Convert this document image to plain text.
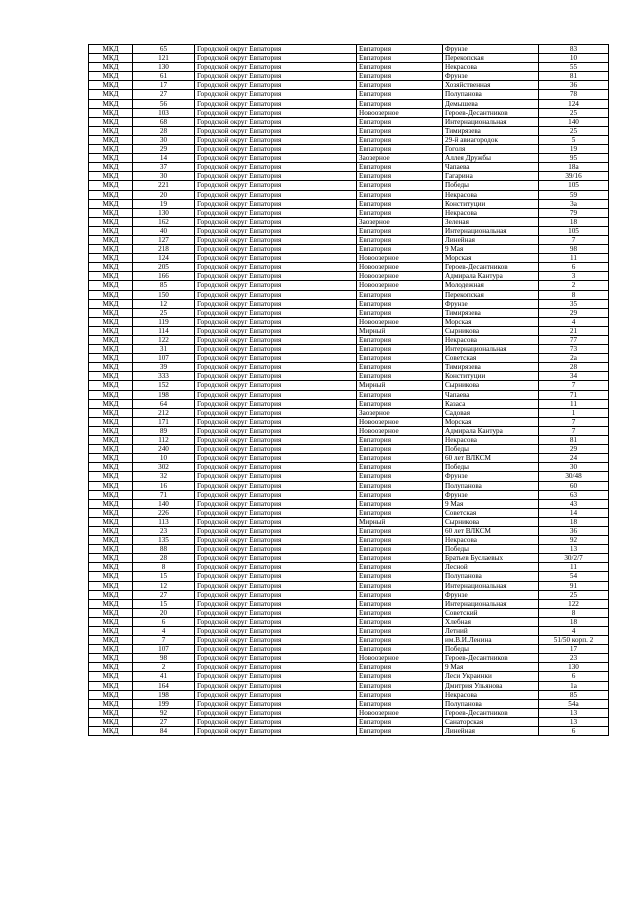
МКД	65	Городской округ Евпатория	Евпатория	Фрунзе	83
МКД	121	Городской округ Евпатория	Евпатория	Перекопская	10
МКД	130	Городской округ Евпатория	Евпатория	Некрасова	55
МКД	61	Городской округ Евпатория	Евпатория	Фрунзе	81
МКД	17	Городской округ Евпатория	Евпатория	Хозяйственная	36
МКД	27	Городской округ Евпатория	Евпатория	Полупанова	78
МКД	56	Городской округ Евпатория	Евпатория	Демышева	124
МКД	103	Городской округ Евпатория	Новоозерное	Героев-Десантников	25
МКД	68	Городской округ Евпатория	Евпатория	Интернациональная	140
МКД	28	Городской округ Евпатория	Евпатория	Тимирязева	25
МКД	30	Городской округ Евпатория	Евпатория	29-й авиагородок	5
МКД	29	Городской округ Евпатория	Евпатория	Гоголя	19
МКД	14	Городской округ Евпатория	Заозерное	Аллея Дружбы	95
МКД	37	Городской округ Евпатория	Евпатория	Чапаева	18а
МКД	30	Городской округ Евпатория	Евпатория	Гагарина	39/16
МКД	221	Городской округ Евпатория	Евпатория	Победы	105
МКД	20	Городской округ Евпатория	Евпатория	Некрасова	59
МКД	19	Городской округ Евпатория	Евпатория	Конституции	3а
МКД	130	Городской округ Евпатория	Евпатория	Некрасова	79
МКД	162	Городской округ Евпатория	Заозерное	Зеленая	18
МКД	40	Городской округ Евпатория	Евпатория	Интернациональная	105
МКД	127	Городской округ Евпатория	Евпатория	Линейная	7
МКД	218	Городской округ Евпатория	Евпатория	9 Мая	98
МКД	124	Городской округ Евпатория	Новоозерное	Морская	11
МКД	205	Городской округ Евпатория	Новоозерное	Героев-Десантников	6
МКД	166	Городской округ Евпатория	Новоозерное	Адмирала Кантура	3
МКД	85	Городской округ Евпатория	Новоозерное	Молодежная	2
МКД	150	Городской округ Евпатория	Евпатория	Перекопская	8
МКД	12	Городской округ Евпатория	Евпатория	Фрунзе	35
МКД	25	Городской округ Евпатория	Евпатория	Тимирязева	29
МКД	119	Городской округ Евпатория	Новоозерное	Морская	4
МКД	114	Городской округ Евпатория	Мирный	Сырникова	21
МКД	122	Городской округ Евпатория	Евпатория	Некрасова	77
МКД	31	Городской округ Евпатория	Евпатория	Интернациональная	73
МКД	107	Городской округ Евпатория	Евпатория	Советская	2а
МКД	39	Городской округ Евпатория	Евпатория	Тимирязева	28
МКД	333	Городской округ Евпатория	Евпатория	Конституции	34
МКД	152	Городской округ Евпатория	Мирный	Сырникова	7
МКД	198	Городской округ Евпатория	Евпатория	Чапаева	71
МКД	64	Городской округ Евпатория	Евпатория	Казаса	11
МКД	212	Городской округ Евпатория	Заозерное	Садовая	1
МКД	171	Городской округ Евпатория	Новоозерное	Морская	7
МКД	89	Городской округ Евпатория	Новоозерное	Адмирала Кантура	7
МКД	112	Городской округ Евпатория	Евпатория	Некрасова	81
МКД	240	Городской округ Евпатория	Евпатория	Победы	29
МКД	10	Городской округ Евпатория	Евпатория	60 лет ВЛКСМ	24
МКД	302	Городской округ Евпатория	Евпатория	Победы	30
МКД	32	Городской округ Евпатория	Евпатория	Фрунзе	30/48
МКД	16	Городской округ Евпатория	Евпатория	Полупанова	60
МКД	71	Городской округ Евпатория	Евпатория	Фрунзе	63
МКД	140	Городской округ Евпатория	Евпатория	9 Мая	43
МКД	226	Городской округ Евпатория	Евпатория	Советская	14
МКД	113	Городской округ Евпатория	Мирный	Сырникова	18
МКД	23	Городской округ Евпатория	Евпатория	60 лет ВЛКСМ	36
МКД	135	Городской округ Евпатория	Евпатория	Некрасова	92
МКД	88	Городской округ Евпатория	Евпатория	Победы	13
МКД	28	Городской округ Евпатория	Евпатория	Братьев Буслаевых	30/2/7
МКД	8	Городской округ Евпатория	Евпатория	Лесной	11
МКД	15	Городской округ Евпатория	Евпатория	Полупанова	54
МКД	12	Городской округ Евпатория	Евпатория	Интернациональная	91
МКД	27	Городской округ Евпатория	Евпатория	Фрунзе	25
МКД	15	Городской округ Евпатория	Евпатория	Интернациональная	122
МКД	20	Городской округ Евпатория	Евпатория	Советский	8
МКД	6	Городской округ Евпатория	Евпатория	Хлебная	18
МКД	4	Городской округ Евпатория	Евпатория	Летний	4
МКД	7	Городской округ Евпатория	Евпатория	им.В.И.Ленина	51/50 корп. 2
МКД	107	Городской округ Евпатория	Евпатория	Победы	17
МКД	98	Городской округ Евпатория	Новоозерное	Героев-Десантников	23
МКД	2	Городской округ Евпатория	Евпатория	9 Мая	130
МКД	41	Городской округ Евпатория	Евпатория	Леси Украинки	6
МКД	164	Городской округ Евпатория	Евпатория	Дмитрия Ульянова	1а
МКД	198	Городской округ Евпатория	Евпатория	Некрасова	85
МКД	199	Городской округ Евпатория	Евпатория	Полупанова	54а
МКД	92	Городской округ Евпатория	Новоозерное	Героев-Десантников	13
МКД	27	Городской округ Евпатория	Евпатория	Санаторская	13
МКД	84	Городской округ Евпатория	Евпатория	Линейная	6
